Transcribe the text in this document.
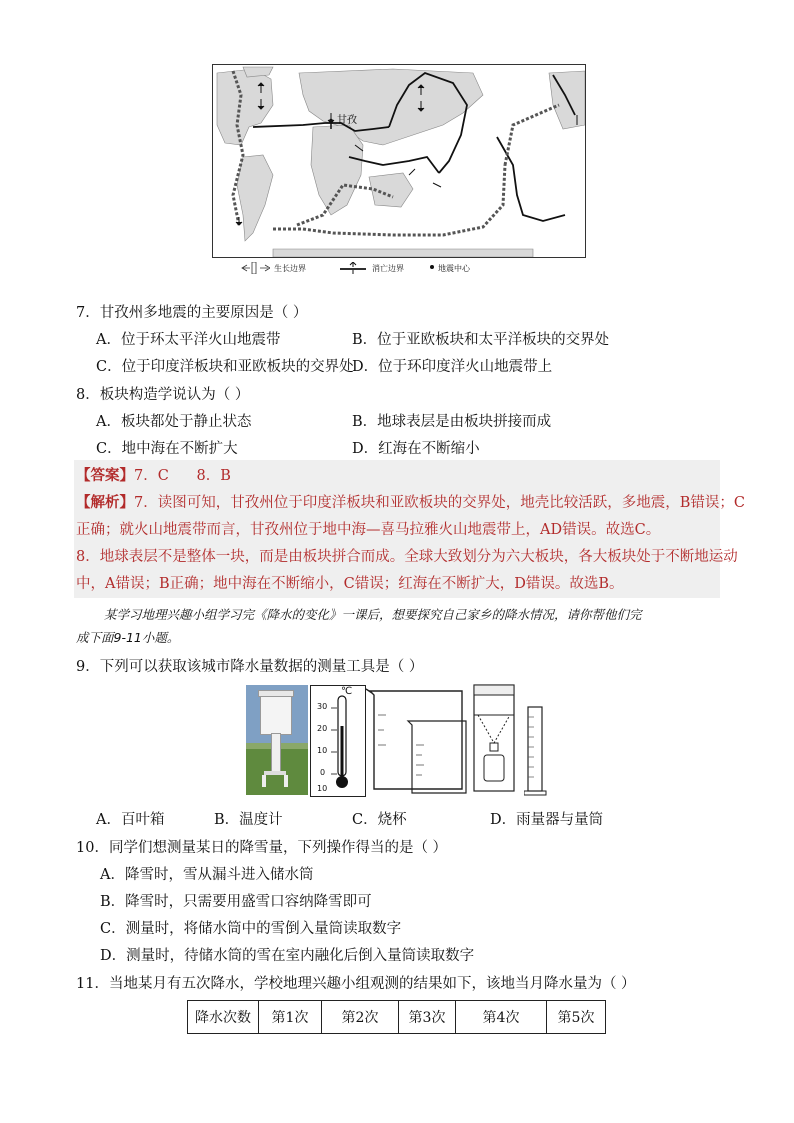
甘孜
生长边界	消亡边界	地震中心
7．甘孜州多地震的主要原因是（ ）
A．位于环太平洋火山地震带	B．位于亚欧板块和太平洋板块的交界处
C．位于印度洋板块和亚欧板块的交界处
D．位于环印度洋火山地震带上
8．板块构造学说认为（ ）
A．板块都处于静止状态	B．地球表层是由板块拼接而成
C．地中海在不断扩大	D．红海在不断缩小
【答案】7．C      8．B
【解析】7．读图可知，甘孜州位于印度洋板块和亚欧板块的交界处，地壳比较活跃，多地震，B错误；C
正确；就火山地震带而言，甘孜州位于地中海—喜马拉雅火山地震带上，AD错误。故选C。
8．地球表层不是整体一块，而是由板块拼合而成。全球大致划分为六大板块，各大板块处于不断地运动
中，A错误；B正确；地中海在不断缩小，C错误；红海在不断扩大，D错误。故选B。
某学习地理兴趣小组学习完《降水的变化》一课后，想要探究自己家乡的降水情况，请你帮他们完
成下面9-11小题。
9．下列可以获取该城市降水量数据的测量工具是（ ）
℃
30
20
10
0
10
A．百叶箱	B．温度计	C．烧杯	D．雨量器与量筒
10．同学们想测量某日的降雪量，下列操作得当的是（ ）
A．降雪时，雪从漏斗进入储水筒
B．降雪时，只需要用盛雪口容纳降雪即可
C．测量时，将储水筒中的雪倒入量筒读取数字
D．测量时，待储水筒的雪在室内融化后倒入量筒读取数字
11．当地某月有五次降水，学校地理兴趣小组观测的结果如下，该地当月降水量为（ ）
降水次数	第1次	第2次	第3次	第4次	第5次
